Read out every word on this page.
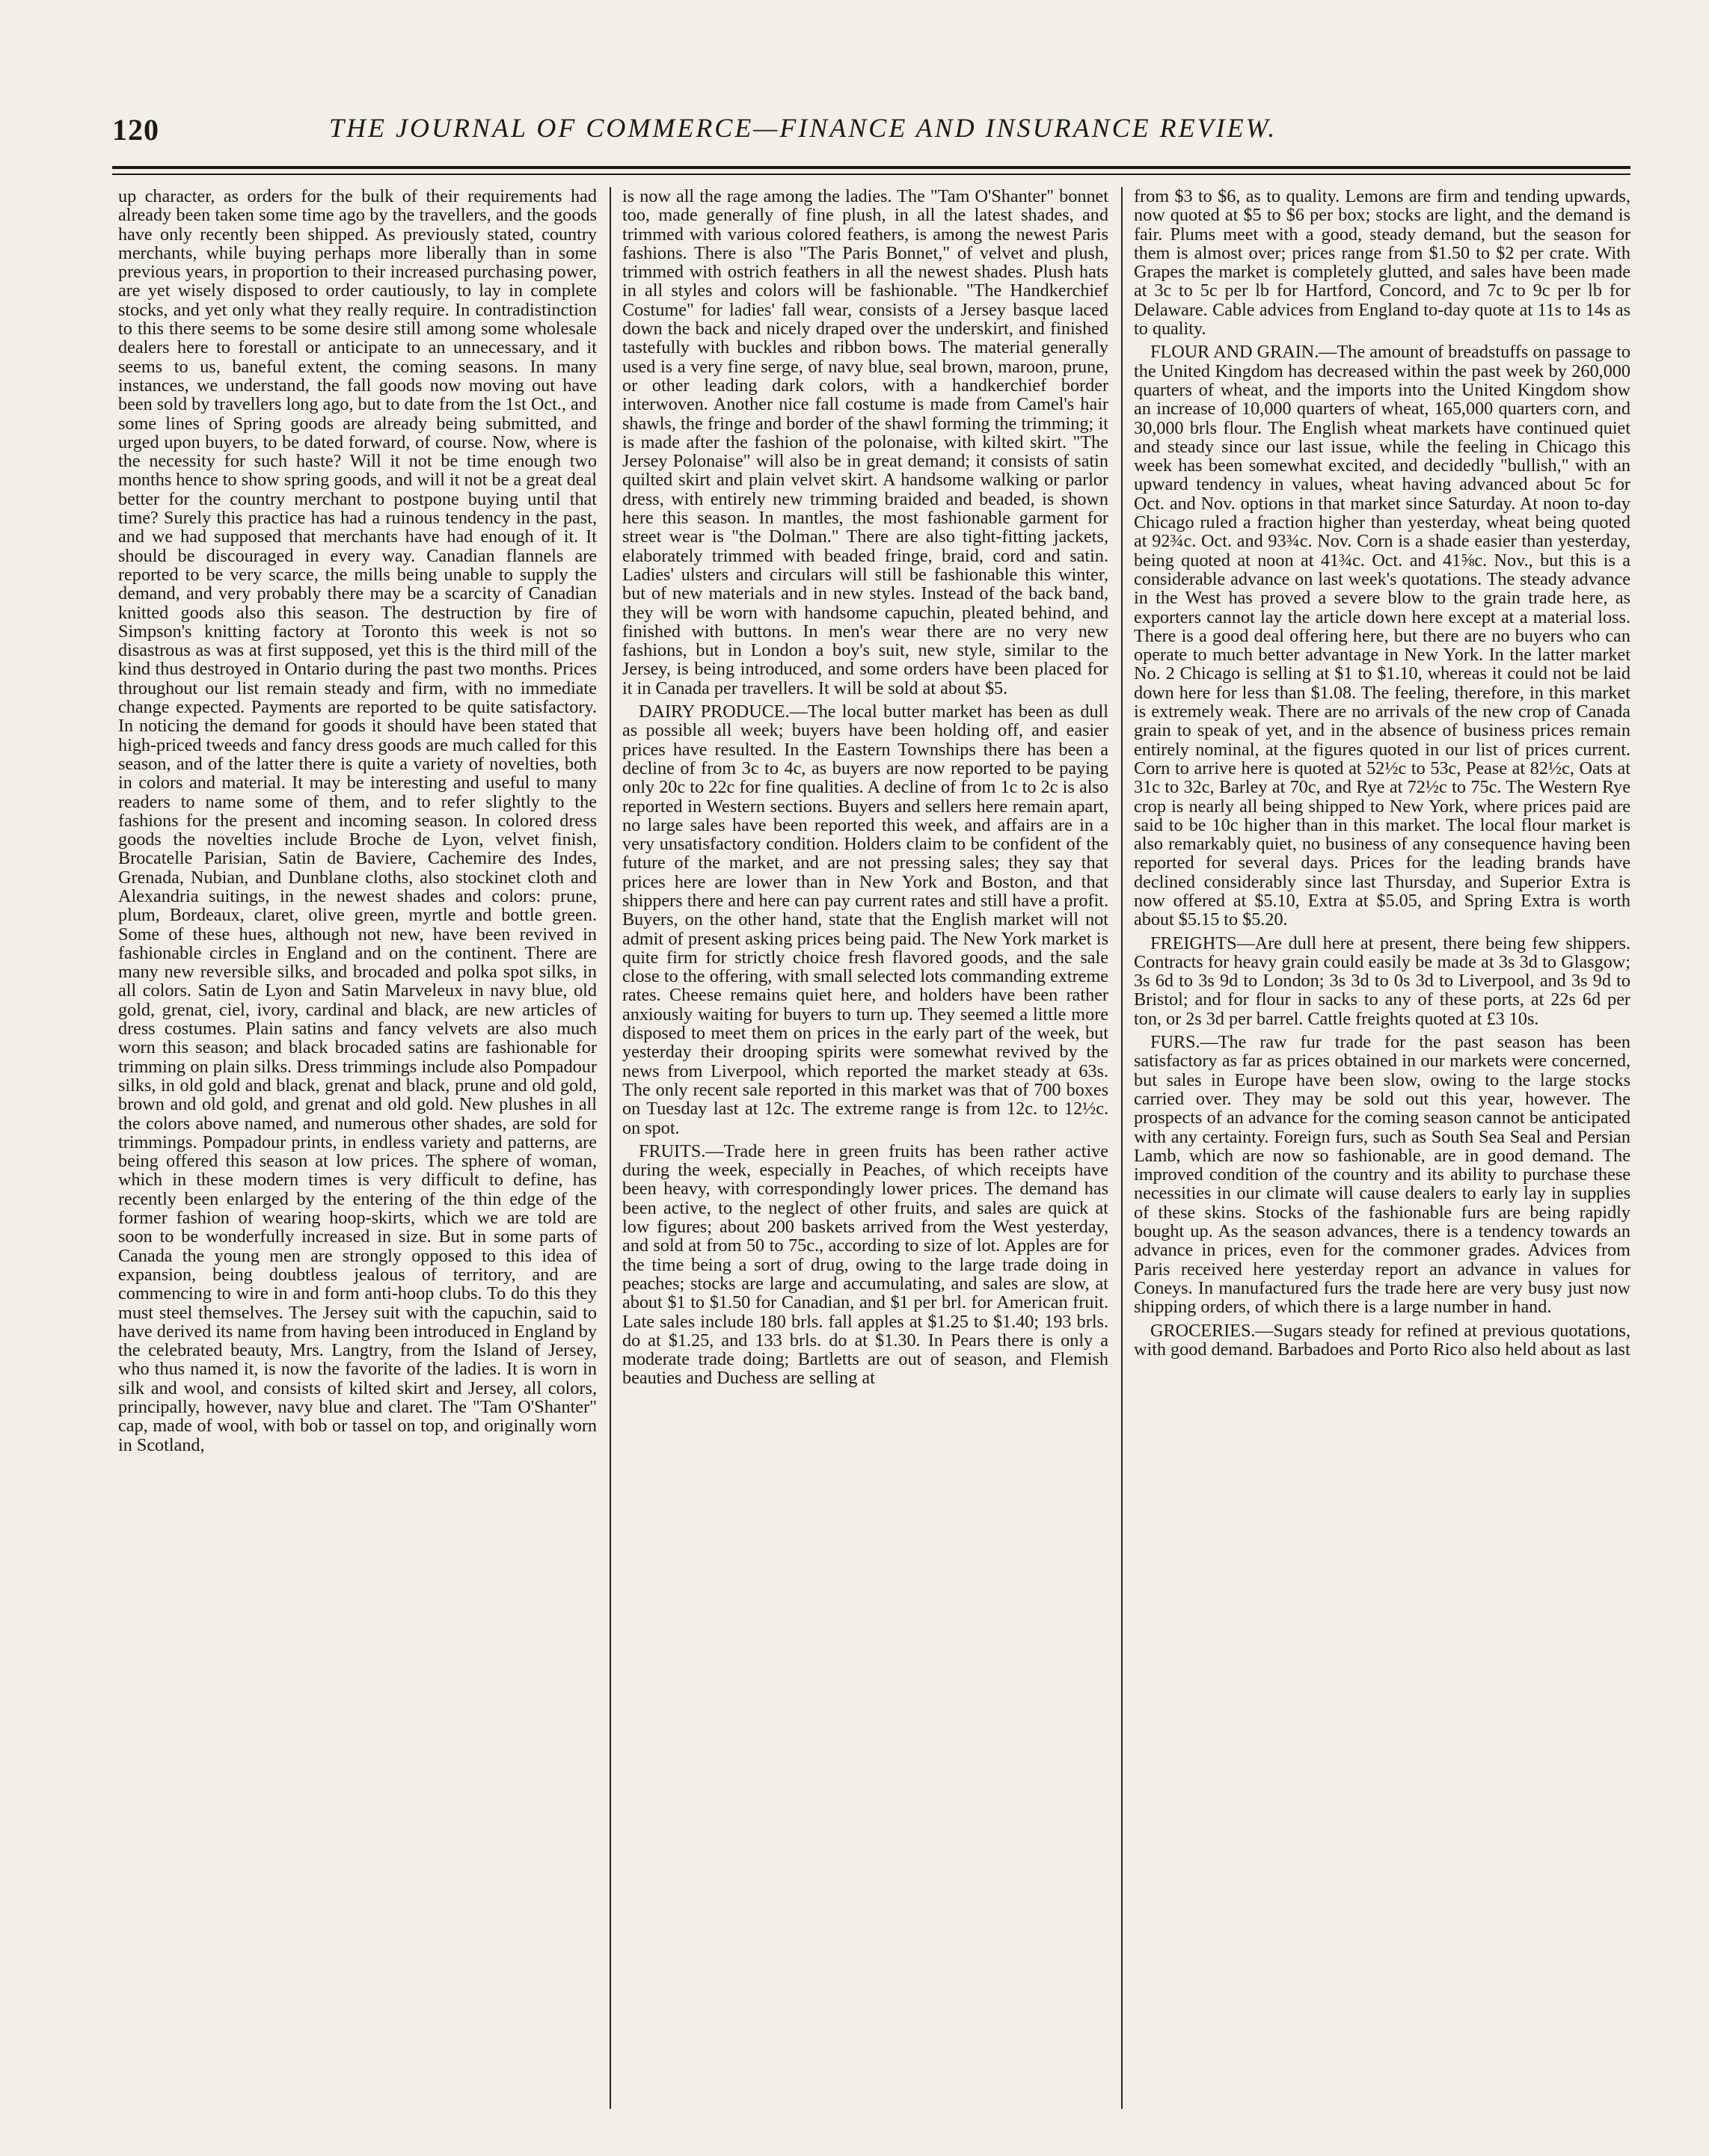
120	THE JOURNAL OF COMMERCE—FINANCE AND INSURANCE REVIEW.

up character, as orders for the bulk of their requirements had already been taken some time ago by the travellers, and the goods have only recently been shipped. As previously stated, country merchants, while buying perhaps more liberally than in some previous years, in proportion to their increased purchasing power, are yet wisely disposed to order cautiously, to lay in complete stocks, and yet only what they really require. In contradistinction to this there seems to be some desire still among some wholesale dealers here to forestall or anticipate to an unnecessary, and it seems to us, baneful extent, the coming seasons. In many instances, we understand, the fall goods now moving out have been sold by travellers long ago, but to date from the 1st Oct., and some lines of Spring goods are already being submitted, and urged upon buyers, to be dated forward, of course. Now, where is the necessity for such haste? Will it not be time enough two months hence to show spring goods, and will it not be a great deal better for the country merchant to postpone buying until that time? Surely this practice has had a ruinous tendency in the past, and we had supposed that merchants have had enough of it. It should be discouraged in every way. Canadian flannels are reported to be very scarce, the mills being unable to supply the demand, and very probably there may be a scarcity of Canadian knitted goods also this season. The destruction by fire of Simpson's knitting factory at Toronto this week is not so disastrous as was at first supposed, yet this is the third mill of the kind thus destroyed in Ontario during the past two months. Prices throughout our list remain steady and firm, with no immediate change expected. Payments are reported to be quite satisfactory. In noticing the demand for goods it should have been stated that high-priced tweeds and fancy dress goods are much called for this season, and of the latter there is quite a variety of novelties, both in colors and material. It may be interesting and useful to many readers to name some of them, and to refer slightly to the fashions for the present and incoming season. In colored dress goods the novelties include Broche de Lyon, velvet finish, Brocatelle Parisian, Satin de Baviere, Cachemire des Indes, Grenada, Nubian, and Dunblane cloths, also stockinet cloth and Alexandria suitings, in the newest shades and colors: prune, plum, Bordeaux, claret, olive green, myrtle and bottle green. Some of these hues, although not new, have been revived in fashionable circles in England and on the continent. There are many new reversible silks, and brocaded and polka spot silks, in all colors. Satin de Lyon and Satin Marveleux in navy blue, old gold, grenat, ciel, ivory, cardinal and black, are new articles of dress costumes. Plain satins and fancy velvets are also much worn this season; and black brocaded satins are fashionable for trimming on plain silks. Dress trimmings include also Pompadour silks, in old gold and black, grenat and black, prune and old gold, brown and old gold, and grenat and old gold. New plushes in all the colors above named, and numerous other shades, are sold for trimmings. Pompadour prints, in endless variety and patterns, are being offered this season at low prices. The sphere of woman, which in these modern times is very difficult to define, has recently been enlarged by the entering of the thin edge of the former fashion of wearing hoop-skirts, which we are told are soon to be wonderfully increased in size. But in some parts of Canada the young men are strongly opposed to this idea of expansion, being doubtless jealous of territory, and are commencing to wire in and form anti-hoop clubs. To do this they must steel themselves. The Jersey suit with the capuchin, said to have derived its name from having been introduced in England by the celebrated beauty, Mrs. Langtry, from the Island of Jersey, who thus named it, is now the favorite of the ladies. It is worn in silk and wool, and consists of kilted skirt and Jersey, all colors, principally, however, navy blue and claret. The "Tam O'Shanter" cap, made of wool, with bob or tassel on top, and originally worn in Scotland,

is now all the rage among the ladies. The "Tam O'Shanter" bonnet too, made generally of fine plush, in all the latest shades, and trimmed with various colored feathers, is among the newest Paris fashions. There is also "The Paris Bonnet," of velvet and plush, trimmed with ostrich feathers in all the newest shades. Plush hats in all styles and colors will be fashionable. "The Handkerchief Costume" for ladies' fall wear, consists of a Jersey basque laced down the back and nicely draped over the underskirt, and finished tastefully with buckles and ribbon bows. The material generally used is a very fine serge, of navy blue, seal brown, maroon, prune, or other leading dark colors, with a handkerchief border interwoven. Another nice fall costume is made from Camel's hair shawls, the fringe and border of the shawl forming the trimming; it is made after the fashion of the polonaise, with kilted skirt. "The Jersey Polonaise" will also be in great demand; it consists of satin quilted skirt and plain velvet skirt. A handsome walking or parlor dress, with entirely new trimming braided and beaded, is shown here this season. In mantles, the most fashionable garment for street wear is "the Dolman." There are also tight-fitting jackets, elaborately trimmed with beaded fringe, braid, cord and satin. Ladies' ulsters and circulars will still be fashionable this winter, but of new materials and in new styles. Instead of the back band, they will be worn with handsome capuchin, pleated behind, and finished with buttons. In men's wear there are no very new fashions, but in London a boy's suit, new style, similar to the Jersey, is being introduced, and some orders have been placed for it in Canada per travellers. It will be sold at about $5.

DAIRY PRODUCE.—The local butter market has been as dull as possible all week; buyers have been holding off, and easier prices have resulted. In the Eastern Townships there has been a decline of from 3c to 4c, as buyers are now reported to be paying only 20c to 22c for fine qualities. A decline of from 1c to 2c is also reported in Western sections. Buyers and sellers here remain apart, no large sales have been reported this week, and affairs are in a very unsatisfactory condition. Holders claim to be confident of the future of the market, and are not pressing sales; they say that prices here are lower than in New York and Boston, and that shippers there and here can pay current rates and still have a profit. Buyers, on the other hand, state that the English market will not admit of present asking prices being paid. The New York market is quite firm for strictly choice fresh flavored goods, and the sale close to the offering, with small selected lots commanding extreme rates. Cheese remains quiet here, and holders have been rather anxiously waiting for buyers to turn up. They seemed a little more disposed to meet them on prices in the early part of the week, but yesterday their drooping spirits were somewhat revived by the news from Liverpool, which reported the market steady at 63s. The only recent sale reported in this market was that of 700 boxes on Tuesday last at 12c. The extreme range is from 12c. to 12½c. on spot.

FRUITS.—Trade here in green fruits has been rather active during the week, especially in Peaches, of which receipts have been heavy, with correspondingly lower prices. The demand has been active, to the neglect of other fruits, and sales are quick at low figures; about 200 baskets arrived from the West yesterday, and sold at from 50 to 75c., according to size of lot. Apples are for the time being a sort of drug, owing to the large trade doing in peaches; stocks are large and accumulating, and sales are slow, at about $1 to $1.50 for Canadian, and $1 per brl. for American fruit. Late sales include 180 brls. fall apples at $1.25 to $1.40; 193 brls. do at $1.25, and 133 brls. do at $1.30. In Pears there is only a moderate trade doing; Bartletts are out of season, and Flemish beauties and Duchess are selling at

from $3 to $6, as to quality. Lemons are firm and tending upwards, now quoted at $5 to $6 per box; stocks are light, and the demand is fair. Plums meet with a good, steady demand, but the season for them is almost over; prices range from $1.50 to $2 per crate. With Grapes the market is completely glutted, and sales have been made at 3c to 5c per lb for Hartford, Concord, and 7c to 9c per lb for Delaware. Cable advices from England to-day quote at 11s to 14s as to quality.

FLOUR AND GRAIN.—The amount of breadstuffs on passage to the United Kingdom has decreased within the past week by 260,000 quarters of wheat, and the imports into the United Kingdom show an increase of 10,000 quarters of wheat, 165,000 quarters corn, and 30,000 brls flour. The English wheat markets have continued quiet and steady since our last issue, while the feeling in Chicago this week has been somewhat excited, and decidedly "bullish," with an upward tendency in values, wheat having advanced about 5c for Oct. and Nov. options in that market since Saturday. At noon to-day Chicago ruled a fraction higher than yesterday, wheat being quoted at 92¾c. Oct. and 93¾c. Nov. Corn is a shade easier than yesterday, being quoted at noon at 41¾c. Oct. and 41⅝c. Nov., but this is a considerable advance on last week's quotations. The steady advance in the West has proved a severe blow to the grain trade here, as exporters cannot lay the article down here except at a material loss. There is a good deal offering here, but there are no buyers who can operate to much better advantage in New York. In the latter market No. 2 Chicago is selling at $1 to $1.10, whereas it could not be laid down here for less than $1.08. The feeling, therefore, in this market is extremely weak. There are no arrivals of the new crop of Canada grain to speak of yet, and in the absence of business prices remain entirely nominal, at the figures quoted in our list of prices current. Corn to arrive here is quoted at 52½c to 53c, Pease at 82½c, Oats at 31c to 32c, Barley at 70c, and Rye at 72½c to 75c. The Western Rye crop is nearly all being shipped to New York, where prices paid are said to be 10c higher than in this market. The local flour market is also remarkably quiet, no business of any consequence having been reported for several days. Prices for the leading brands have declined considerably since last Thursday, and Superior Extra is now offered at $5.10, Extra at $5.05, and Spring Extra is worth about $5.15 to $5.20.

FREIGHTS—Are dull here at present, there being few shippers. Contracts for heavy grain could easily be made at 3s 3d to Glasgow; 3s 6d to 3s 9d to London; 3s 3d to 0s 3d to Liverpool, and 3s 9d to Bristol; and for flour in sacks to any of these ports, at 22s 6d per ton, or 2s 3d per barrel. Cattle freights quoted at £3 10s.

FURS.—The raw fur trade for the past season has been satisfactory as far as prices obtained in our markets were concerned, but sales in Europe have been slow, owing to the large stocks carried over. They may be sold out this year, however. The prospects of an advance for the coming season cannot be anticipated with any certainty. Foreign furs, such as South Sea Seal and Persian Lamb, which are now so fashionable, are in good demand. The improved condition of the country and its ability to purchase these necessities in our climate will cause dealers to early lay in supplies of these skins. Stocks of the fashionable furs are being rapidly bought up. As the season advances, there is a tendency towards an advance in prices, even for the commoner grades. Advices from Paris received here yesterday report an advance in values for Coneys. In manufactured furs the trade here are very busy just now shipping orders, of which there is a large number in hand.

GROCERIES.—Sugars steady for refined at previous quotations, with good demand. Barbadoes and Porto Rico also held about as last
